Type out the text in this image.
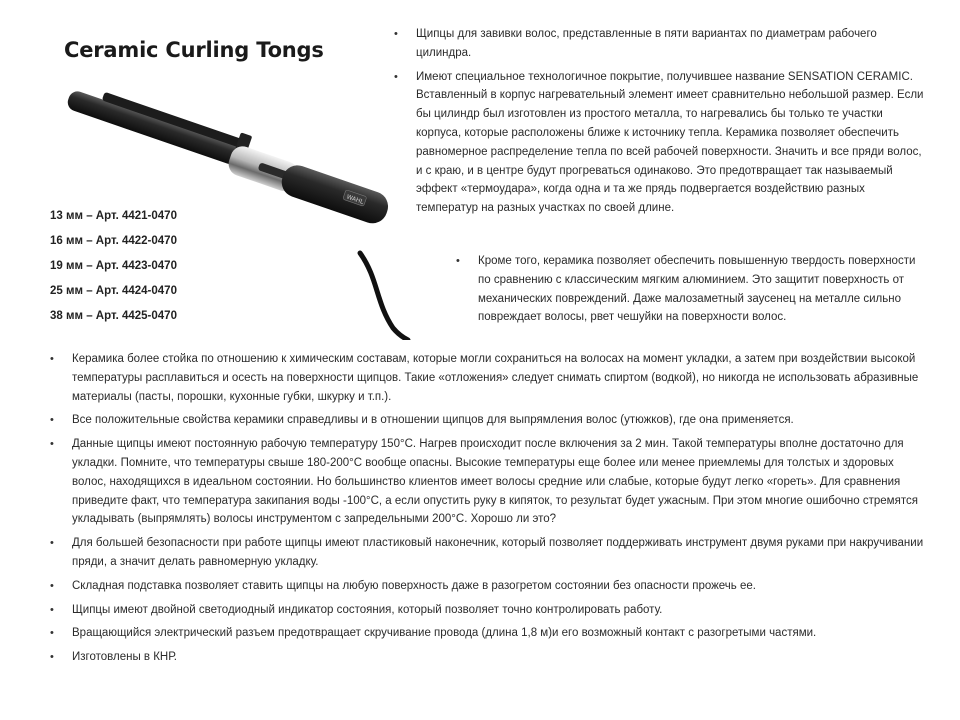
Ceramic Curling Tongs
WAHL
13 мм – Арт. 4421-0470
16 мм – Арт. 4422-0470
19 мм – Арт. 4423-0470
25 мм – Арт. 4424-0470
38 мм – Арт. 4425-0470
• Щипцы для завивки волос, представленные в пяти вариантах по диаметрам рабочего цилиндра.
• Имеют специальное технологичное покрытие, получившее название SENSATION CERAMIC. Вставленный в корпус нагревательный элемент имеет сравнительно небольшой размер. Если бы цилиндр был изготовлен из простого металла, то нагревались бы только те участки корпуса, которые расположены ближе к источнику тепла. Керамика позволяет обеспечить равномерное распределение тепла по всей рабочей поверхности. Значить и все пряди волос, и с краю, и в центре будут прогреваться одинаково. Это предотвращает так называемый эффект «термоудара», когда одна и та же прядь подвергается воздействию разных температур на разных участках по своей длине.
• Кроме того, керамика позволяет обеспечить повышенную твердость поверхности по сравнению с классическим мягким алюминием. Это защитит поверхность от механических повреждений. Даже малозаметный заусенец на металле сильно повреждает волосы, рвет чешуйки на поверхности волос.
• Керамика более стойка по отношению к химическим составам, которые могли сохраниться на волосах на момент укладки, а затем при воздействии высокой температуры расплавиться и осесть на поверхности щипцов. Такие «отложения» следует снимать спиртом (водкой), но никогда не использовать абразивные материалы (пасты, порошки, кухонные губки, шкурку и т.п.).
• Все положительные свойства керамики справедливы и в отношении щипцов для выпрямления волос (утюжков), где она применяется.
• Данные щипцы имеют постоянную рабочую температуру 150°С. Нагрев происходит после включения за 2 мин. Такой температуры вполне достаточно для укладки. Помните, что температуры свыше 180-200°С вообще опасны. Высокие температуры еще более или менее приемлемы для толстых и здоровых волос, находящихся в идеальном состоянии. Но большинство клиентов имеет волосы средние или слабые, которые будут легко «гореть». Для сравнения приведите факт, что температура закипания воды -100°С, а если опустить руку в кипяток, то результат будет ужасным. При этом многие ошибочно стремятся укладывать (выпрямлять) волосы инструментом с запредельными 200°С. Хорошо ли это?
• Для большей безопасности при работе щипцы имеют пластиковый наконечник, который позволяет поддерживать инструмент двумя руками при накручивании пряди, а значит делать равномерную укладку.
• Складная подставка позволяет ставить щипцы на любую поверхность даже в разогретом состоянии без опасности прожечь ее.
• Щипцы имеют двойной светодиодный индикатор состояния, который позволяет точно контролировать работу.
• Вращающийся электрический разъем предотвращает скручивание провода (длина 1,8 м)и его возможный контакт с разогретыми частями.
• Изготовлены в КНР.
